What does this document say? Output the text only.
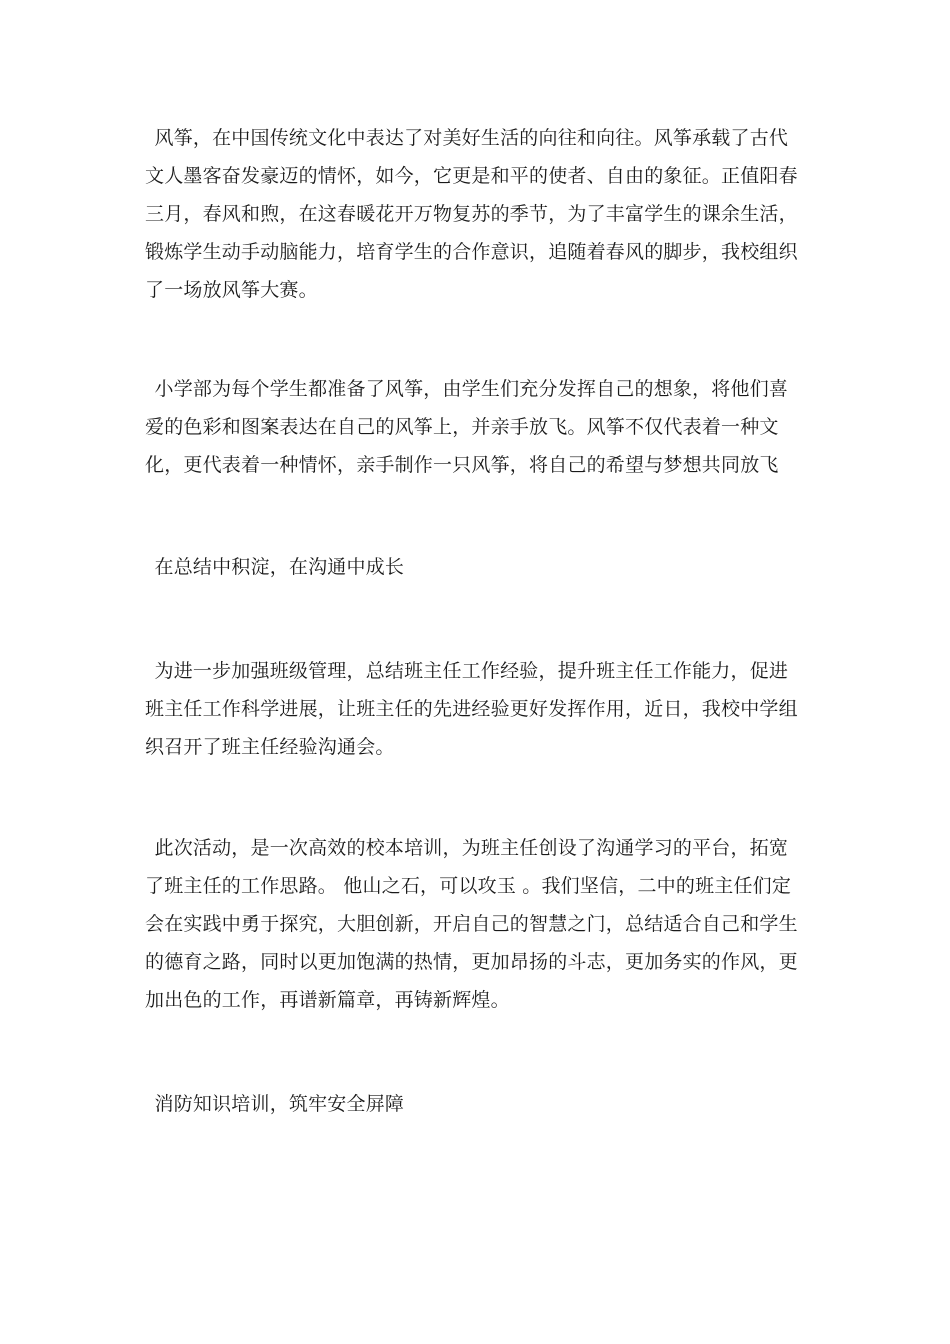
风筝，在中国传统文化中表达了对美好生活的向往和向往。风筝承载了古代文人墨客奋发豪迈的情怀，如今，它更是和平的使者、自由的象征。正值阳春三月，春风和煦，在这春暖花开万物复苏的季节，为了丰富学生的课余生活，锻炼学生动手动脑能力，培育学生的合作意识，追随着春风的脚步，我校组织了一场放风筝大赛。

小学部为每个学生都准备了风筝，由学生们充分发挥自己的想象，将他们喜爱的色彩和图案表达在自己的风筝上，并亲手放飞。风筝不仅代表着一种文化，更代表着一种情怀，亲手制作一只风筝，将自己的希望与梦想共同放飞

在总结中积淀，在沟通中成长

为进一步加强班级管理，总结班主任工作经验，提升班主任工作能力，促进班主任工作科学进展，让班主任的先进经验更好发挥作用，近日，我校中学组织召开了班主任经验沟通会。

此次活动，是一次高效的校本培训，为班主任创设了沟通学习的平台，拓宽了班主任的工作思路。 他山之石，可以攻玉 。我们坚信，二中的班主任们定会在实践中勇于探究，大胆创新，开启自己的智慧之门，总结适合自己和学生的德育之路，同时以更加饱满的热情，更加昂扬的斗志，更加务实的作风，更加出色的工作，再谱新篇章，再铸新辉煌。

消防知识培训，筑牢安全屏障
